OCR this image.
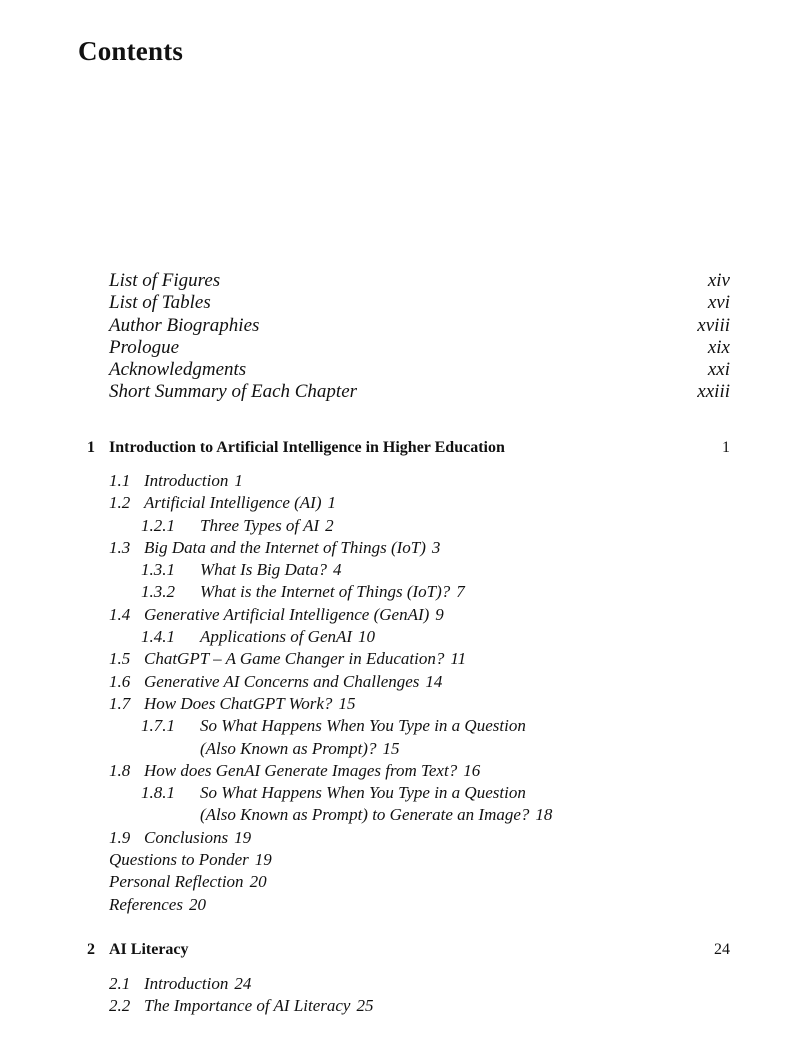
Contents
List of Figures	xiv
List of Tables	xvi
Author Biographies	xviii
Prologue	xix
Acknowledgments	xxi
Short Summary of Each Chapter	xxiii
1 Introduction to Artificial Intelligence in Higher Education	1
1.1 Introduction 1
1.2 Artificial Intelligence (AI) 1
1.2.1 Three Types of AI 2
1.3 Big Data and the Internet of Things (IoT) 3
1.3.1 What Is Big Data? 4
1.3.2 What is the Internet of Things (IoT)? 7
1.4 Generative Artificial Intelligence (GenAI) 9
1.4.1 Applications of GenAI 10
1.5 ChatGPT – A Game Changer in Education? 11
1.6 Generative AI Concerns and Challenges 14
1.7 How Does ChatGPT Work? 15
1.7.1 So What Happens When You Type in a Question
(Also Known as Prompt)? 15
1.8 How does GenAI Generate Images from Text? 16
1.8.1 So What Happens When You Type in a Question
(Also Known as Prompt) to Generate an Image? 18
1.9 Conclusions 19
Questions to Ponder 19
Personal Reflection 20
References 20
2 AI Literacy	24
2.1 Introduction 24
2.2 The Importance of AI Literacy 25
